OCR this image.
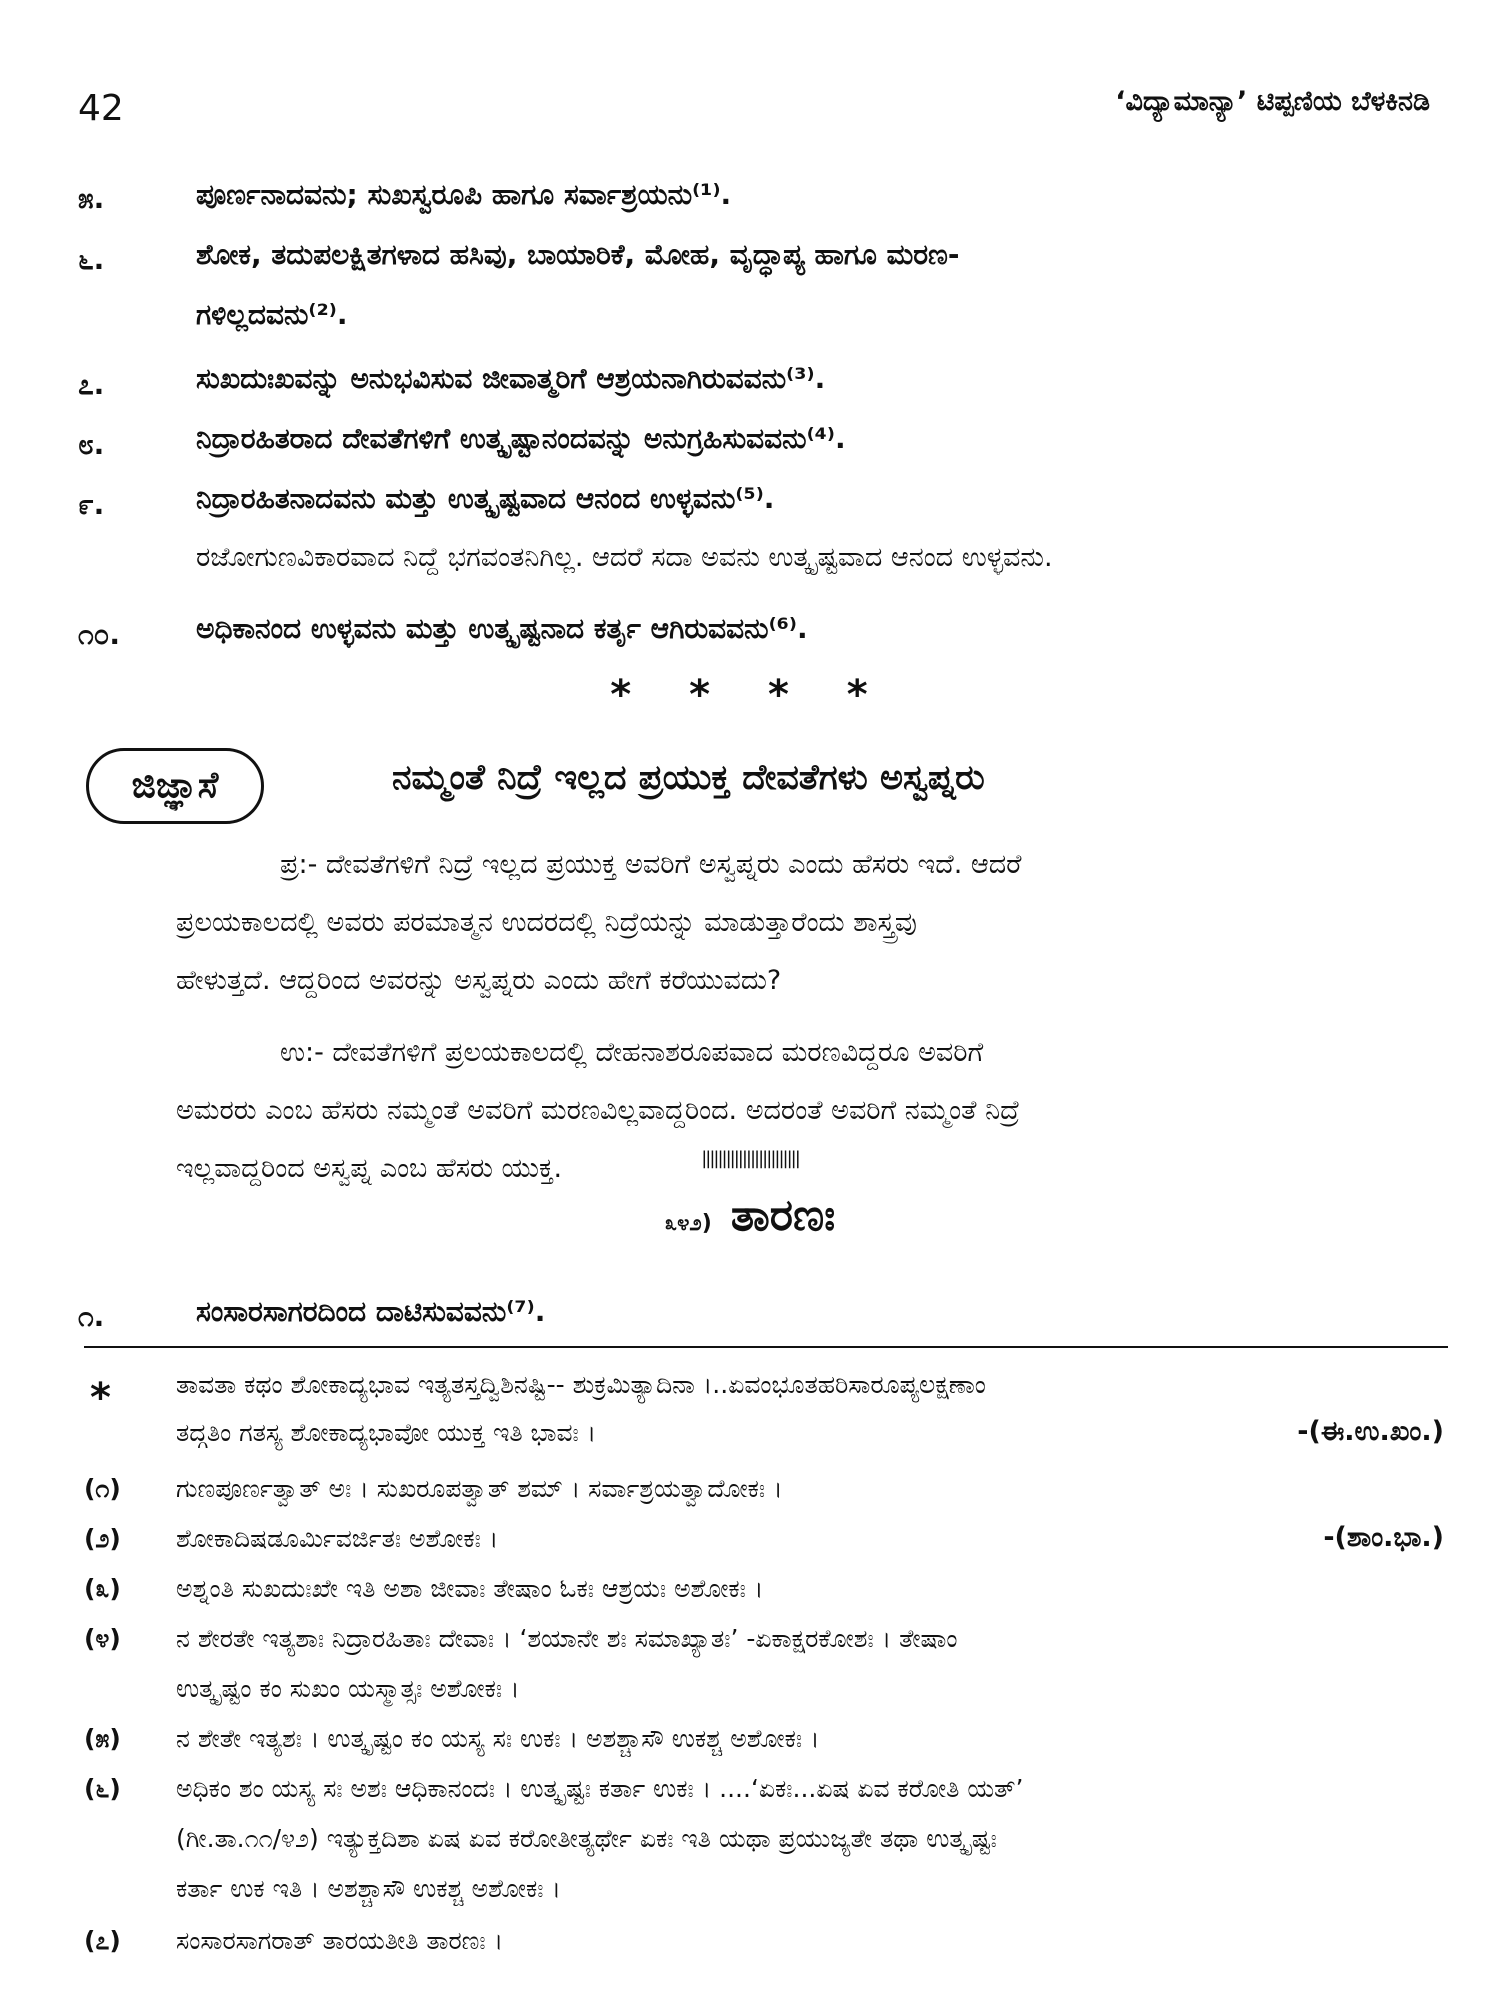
42	‘ವಿದ್ಯಾಮಾನ್ಯಾ’ ಟಿಪ್ಪಣಿಯ ಬೆಳಕಿನಡಿ
೫.	ಪೂರ್ಣನಾದವನು; ಸುಖಸ್ವರೂಪಿ ಹಾಗೂ ಸರ್ವಾಶ್ರಯನು⁽¹⁾.
೬.	ಶೋಕ, ತದುಪಲಕ್ಷಿತಗಳಾದ ಹಸಿವು, ಬಾಯಾರಿಕೆ, ಮೋಹ, ವೃದ್ಧಾಪ್ಯ ಹಾಗೂ ಮರಣ-
ಗಳಿಲ್ಲದವನು⁽²⁾.
೭.	ಸುಖದುಃಖವನ್ನು ಅನುಭವಿಸುವ ಜೀವಾತ್ಮರಿಗೆ ಆಶ್ರಯನಾಗಿರುವವನು⁽³⁾.
೮.	ನಿದ್ರಾರಹಿತರಾದ ದೇವತೆಗಳಿಗೆ ಉತ್ಕೃಷ್ಟಾನಂದವನ್ನು ಅನುಗ್ರಹಿಸುವವನು⁽⁴⁾.
೯.	ನಿದ್ರಾರಹಿತನಾದವನು ಮತ್ತು ಉತ್ಕೃಷ್ಟವಾದ ಆನಂದ ಉಳ್ಳವನು⁽⁵⁾.
ರಜೋಗುಣವಿಕಾರವಾದ ನಿದ್ದೆ ಭಗವಂತನಿಗಿಲ್ಲ. ಆದರೆ ಸದಾ ಅವನು ಉತ್ಕೃಷ್ಟವಾದ ಆನಂದ ಉಳ್ಳವನು.
೧೦.	ಅಧಿಕಾನಂದ ಉಳ್ಳವನು ಮತ್ತು ಉತ್ಕೃಷ್ಟನಾದ ಕರ್ತೃ ಆಗಿರುವವನು⁽⁶⁾.
* * * *
ಜಿಜ್ಞಾಸೆ	ನಮ್ಮಂತೆ ನಿದ್ರೆ ಇಲ್ಲದ ಪ್ರಯುಕ್ತ ದೇವತೆಗಳು ಅಸ್ವಪ್ನರು
ಪ್ರ:- ದೇವತೆಗಳಿಗೆ ನಿದ್ರೆ ಇಲ್ಲದ ಪ್ರಯುಕ್ತ ಅವರಿಗೆ ಅಸ್ವಪ್ನರು ಎಂದು ಹೆಸರು ಇದೆ. ಆದರೆ
ಪ್ರಲಯಕಾಲದಲ್ಲಿ ಅವರು ಪರಮಾತ್ಮನ ಉದರದಲ್ಲಿ ನಿದ್ರೆಯನ್ನು ಮಾಡುತ್ತಾರೆಂದು ಶಾಸ್ತ್ರವು
ಹೇಳುತ್ತದೆ. ಆದ್ದರಿಂದ ಅವರನ್ನು ಅಸ್ವಪ್ನರು ಎಂದು ಹೇಗೆ ಕರೆಯುವದು?
ಉ:- ದೇವತೆಗಳಿಗೆ ಪ್ರಲಯಕಾಲದಲ್ಲಿ ದೇಹನಾಶರೂಪವಾದ ಮರಣವಿದ್ದರೂ ಅವರಿಗೆ
ಅಮರರು ಎಂಬ ಹೆಸರು ನಮ್ಮಂತೆ ಅವರಿಗೆ ಮರಣವಿಲ್ಲವಾದ್ದರಿಂದ. ಅದರಂತೆ ಅವರಿಗೆ ನಮ್ಮಂತೆ ನಿದ್ರೆ
ಇಲ್ಲವಾದ್ದರಿಂದ ಅಸ್ವಪ್ನ ಎಂಬ ಹೆಸರು ಯುಕ್ತ.	||||||||||||||||||||||||
೩೪೨) ತಾರಣಃ
೧.	ಸಂಸಾರಸಾಗರದಿಂದ ದಾಟಿಸುವವನು⁽⁷⁾.
*	ತಾವತಾ ಕಥಂ ಶೋಕಾದ್ಯಭಾವ ಇತ್ಯತಸ್ತದ್ವಿಶಿನಷ್ಟಿ-- ಶುಕ್ರಮಿತ್ಯಾದಿನಾ ।..ಏವಂಭೂತಹರಿಸಾರೂಪ್ಯಲಕ್ಷಣಾಂ
ತದ್ಗತಿಂ ಗತಸ್ಯ ಶೋಕಾದ್ಯಭಾವೋ ಯುಕ್ತ ಇತಿ ಭಾವಃ ।	-(ಈ.ಉ.ಖಂ.)
(೧) ಗುಣಪೂರ್ಣತ್ವಾತ್ ಅಃ । ಸುಖರೂಪತ್ವಾತ್ ಶಮ್ । ಸರ್ವಾಶ್ರಯತ್ವಾದೋಕಃ ।
(೨) ಶೋಕಾದಿಷಡೂರ್ಮಿವರ್ಜಿತಃ ಅಶೋಕಃ ।	-(ಶಾಂ.ಭಾ.)
(೩) ಅಶ್ನಂತಿ ಸುಖದುಃಖೇ ಇತಿ ಅಶಾ ಜೀವಾಃ ತೇಷಾಂ ಓಕಃ ಆಶ್ರಯಃ ಅಶೋಕಃ ।
(೪) ನ ಶೇರತೇ ಇತ್ಯಶಾಃ ನಿದ್ರಾರಹಿತಾಃ ದೇವಾಃ । ‘ಶಯಾನೇ ಶಃ ಸಮಾಖ್ಯಾತಃ’ -ಏಕಾಕ್ಷರಕೋಶಃ । ತೇಷಾಂ
ಉತ್ಕೃಷ್ಟಂ ಕಂ ಸುಖಂ ಯಸ್ಮಾತ್ಸಃ ಅಶೋಕಃ ।
(೫) ನ ಶೇತೇ ಇತ್ಯಶಃ । ಉತ್ಕೃಷ್ಟಂ ಕಂ ಯಸ್ಯ ಸಃ ಉಕಃ । ಅಶಶ್ಚಾಸೌ ಉಕಶ್ಚ ಅಶೋಕಃ ।
(೬) ಅಧಿಕಂ ಶಂ ಯಸ್ಯ ಸಃ ಅಶಃ ಆಧಿಕಾನಂದಃ । ಉತ್ಕೃಷ್ಟಃ ಕರ್ತಾ ಉಕಃ । ....‘ಏಕಃ...ಏಷ ಏವ ಕರೋತಿ ಯತ್’
(ಗೀ.ತಾ.೧೧/೪೨) ಇತ್ಯುಕ್ತದಿಶಾ ಏಷ ಏವ ಕರೋತೀತ್ಯರ್ಥೇ ಏಕಃ ಇತಿ ಯಥಾ ಪ್ರಯುಜ್ಯತೇ ತಥಾ ಉತ್ಕೃಷ್ಟಃ
ಕರ್ತಾ ಉಕ ಇತಿ । ಅಶಶ್ಚಾಸೌ ಉಕಶ್ಚ ಅಶೋಕಃ ।
(೭) ಸಂಸಾರಸಾಗರಾತ್ ತಾರಯತೀತಿ ತಾರಣಃ ।
